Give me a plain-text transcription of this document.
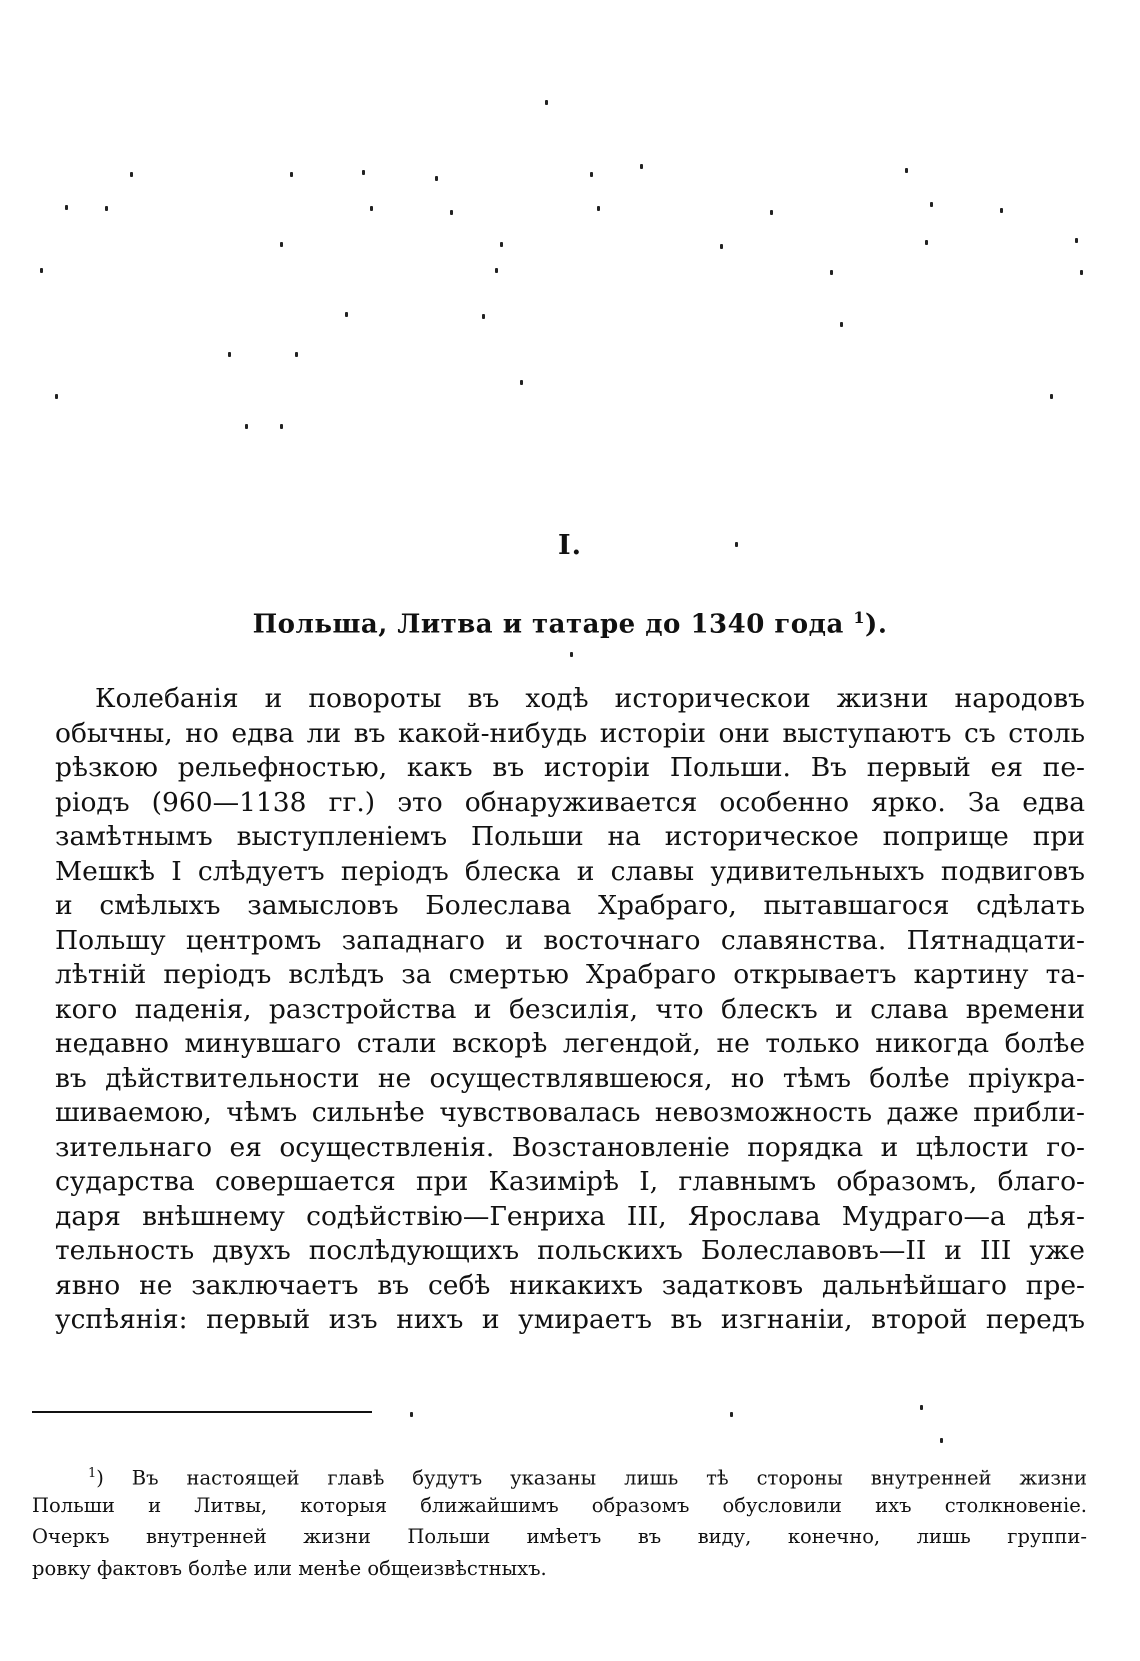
I.
Польша, Литва и татаре до 1340 года $^1$).
Колебанія и повороты въ ходѣ историческои жизни народовъ
обычны, но едва ли въ какой-нибудь исторіи они выступаютъ съ столь
рѣзкою рельефностью, какъ въ исторіи Польши. Въ первый ея пе-
ріодъ (960—1138 гг.) это обнаруживается особенно ярко. За едва
замѣтнымъ выступленіемъ Польши на историческое поприще при
Мешкѣ I слѣдуетъ періодъ блеска и славы удивительныхъ подвиговъ
и смѣлыхъ замысловъ Болеслава Храбраго, пытавшагося сдѣлать
Польшу центромъ западнаго и восточнаго славянства. Пятнадцати-
лѣтній періодъ вслѣдъ за смертью Храбраго открываетъ картину та-
кого паденія, разстройства и безсилія, что блескъ и слава времени
недавно минувшаго стали вскорѣ легендой, не только никогда болѣе
въ дѣйствительности не осуществлявшеюся, но тѣмъ болѣе пріукра-
шиваемою, чѣмъ сильнѣе чувствовалась невозможность даже прибли-
зительнаго ея осуществленія. Возстановленіе порядка и цѣлости го-
сударства совершается при Казимірѣ I, главнымъ образомъ, благо-
даря внѣшнему содѣйствію—Генриха III, Ярослава Мудраго—а дѣя-
тельность двухъ послѣдующихъ польскихъ Болеславовъ—II и III уже
явно не заключаетъ въ себѣ никакихъ задатковъ дальнѣйшаго пре-
успѣянія: первый изъ нихъ и умираетъ въ изгнаніи, второй передъ
$^1$) Въ настоящей главѣ будутъ указаны лишь тѣ стороны внутренней жизни
Польши и Литвы, которыя ближайшимъ образомъ обусловили ихъ столкновеніе.
Очеркъ внутренней жизни Польши имѣетъ въ виду, конечно, лишь группи-
ровку фактовъ болѣе или менѣе общеизвѣстныхъ.
